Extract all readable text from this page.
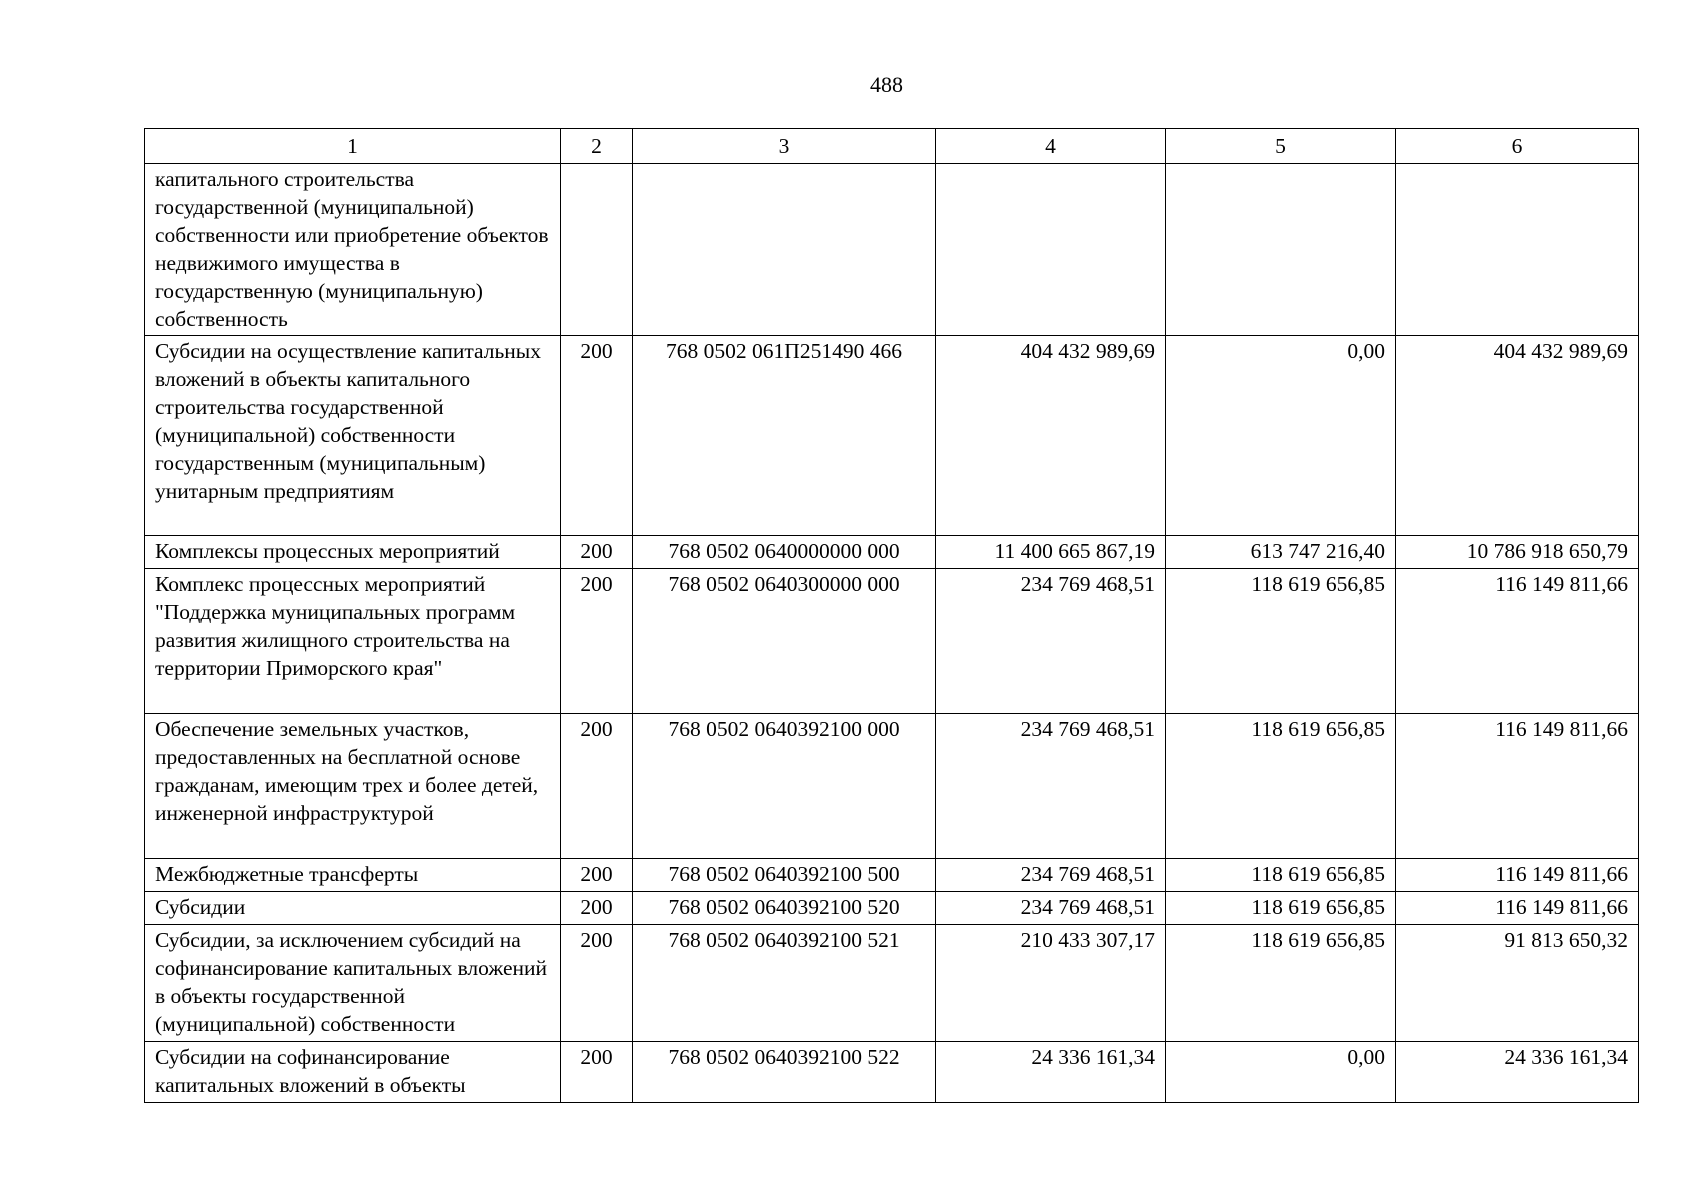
488
1	2	3	4	5	6
капитального строительства государственной (муниципальной) собственности или приобретение объектов недвижимого имущества в государственную (муниципальную) собственность					
Субсидии на осуществление капитальных вложений в объекты капитального строительства государственной (муниципальной) собственности государственным (муниципальным) унитарным предприятиям	200	768 0502 061П251490 466	404 432 989,69	0,00	404 432 989,69
Комплексы процессных мероприятий	200	768 0502 0640000000 000	11 400 665 867,19	613 747 216,40	10 786 918 650,79
Комплекс процессных мероприятий "Поддержка муниципальных программ развития жилищного строительства на территории Приморского края"	200	768 0502 0640300000 000	234 769 468,51	118 619 656,85	116 149 811,66
Обеспечение земельных участков, предоставленных на бесплатной основе гражданам, имеющим трех и более детей, инженерной инфраструктурой	200	768 0502 0640392100 000	234 769 468,51	118 619 656,85	116 149 811,66
Межбюджетные трансферты	200	768 0502 0640392100 500	234 769 468,51	118 619 656,85	116 149 811,66
Субсидии	200	768 0502 0640392100 520	234 769 468,51	118 619 656,85	116 149 811,66
Субсидии, за исключением субсидий на софинансирование капитальных вложений в объекты государственной (муниципальной) собственности	200	768 0502 0640392100 521	210 433 307,17	118 619 656,85	91 813 650,32
Субсидии на софинансирование капитальных вложений в объекты	200	768 0502 0640392100 522	24 336 161,34	0,00	24 336 161,34
